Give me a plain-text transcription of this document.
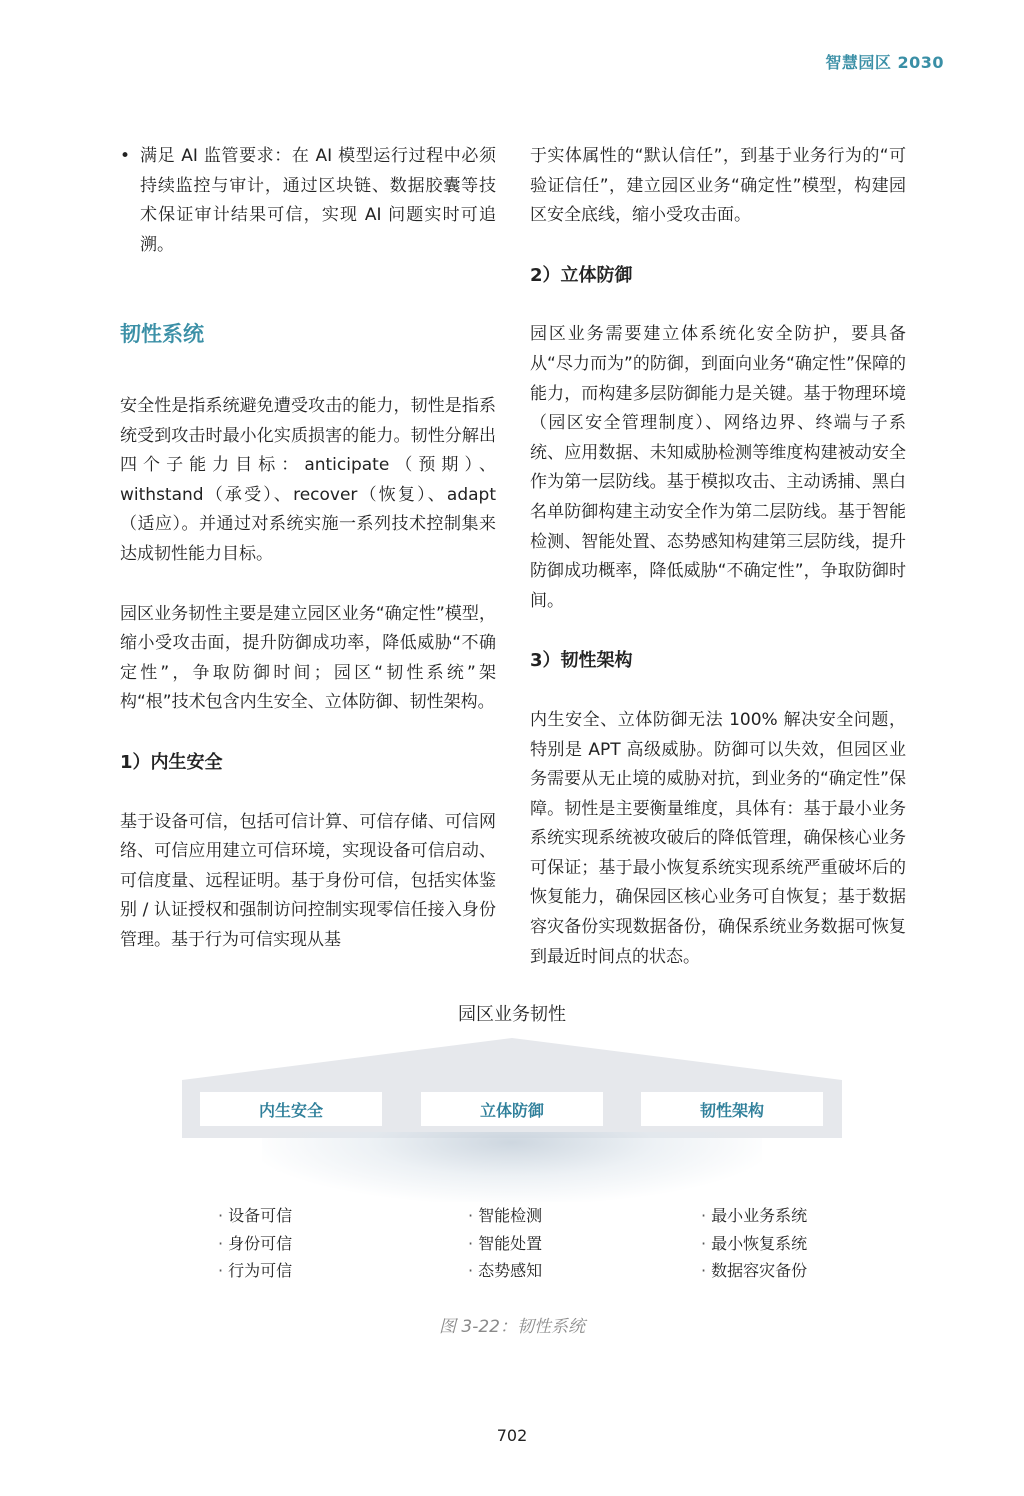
智慧园区 2030

• 满足 AI 监管要求：在 AI 模型运行过程中必须持续监控与审计，通过区块链、数据胶囊等技术保证审计结果可信，实现 AI 问题实时可追溯。

韧性系统

安全性是指系统避免遭受攻击的能力，韧性是指系统受到攻击时最小化实质损害的能力。韧性分解出四个子能力目标：anticipate（预期）、withstand（承受）、recover（恢复）、adapt（适应）。并通过对系统实施一系列技术控制集来达成韧性能力目标。

园区业务韧性主要是建立园区业务“确定性”模型，缩小受攻击面，提升防御成功率，降低威胁“不确定性”，争取防御时间；园区“韧性系统”架构“根”技术包含内生安全、立体防御、韧性架构。

1）内生安全

基于设备可信，包括可信计算、可信存储、可信网络、可信应用建立可信环境，实现设备可信启动、可信度量、远程证明。基于身份可信，包括实体鉴别 / 认证授权和强制访问控制实现零信任接入身份管理。基于行为可信实现从基

于实体属性的“默认信任”，到基于业务行为的“可验证信任”，建立园区业务“确定性”模型，构建园区安全底线，缩小受攻击面。

2）立体防御

园区业务需要建立体系统化安全防护，要具备从“尽力而为”的防御，到面向业务“确定性”保障的能力，而构建多层防御能力是关键。基于物理环境（园区安全管理制度）、网络边界、终端与子系统、应用数据、未知威胁检测等维度构建被动安全作为第一层防线。基于模拟攻击、主动诱捕、黑白名单防御构建主动安全作为第二层防线。基于智能检测、智能处置、态势感知构建第三层防线，提升防御成功概率，降低威胁“不确定性”，争取防御时间。

3）韧性架构

内生安全、立体防御无法 100% 解决安全问题，特别是 APT 高级威胁。防御可以失效，但园区业务需要从无止境的威胁对抗，到业务的“确定性”保障。韧性是主要衡量维度，具体有：基于最小业务系统实现系统被攻破后的降低管理，确保核心业务可保证；基于最小恢复系统实现系统严重破坏后的恢复能力，确保园区核心业务可自恢复；基于数据容灾备份实现数据备份，确保系统业务数据可恢复到最近时间点的状态。

园区业务韧性
内生安全	立体防御	韧性架构
· 设备可信
· 身份可信
· 行为可信
· 智能检测
· 智能处置
· 态势感知
· 最小业务系统
· 最小恢复系统
· 数据容灾备份
图 3-22：韧性系统
702
